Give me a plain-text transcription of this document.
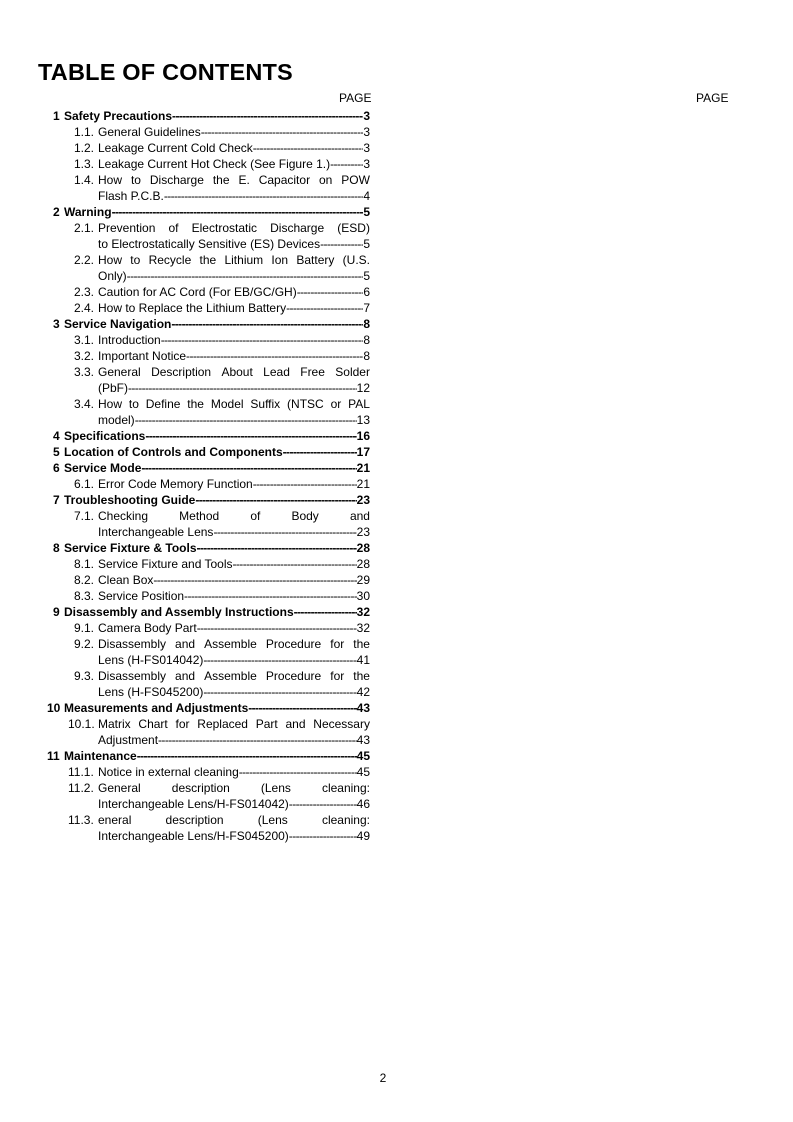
TABLE OF CONTENTS
PAGE	PAGE
1 Safety Precautions -----	3
1.1. General Guidelines -----	3
1.2. Leakage Current Cold Check -----	3
1.3. Leakage Current Hot Check (See Figure 1.) -----	3
1.4. How to Discharge the E. Capacitor on POW
Flash P.C.B. -----	4
2 Warning -----	5
2.1. Prevention of Electrostatic Discharge (ESD)
to Electrostatically Sensitive (ES) Devices -----	5
2.2. How to Recycle the Lithium Ion Battery (U.S.
Only) -----	5
2.3. Caution for AC Cord (For EB/GC/GH) -----	6
2.4. How to Replace the Lithium Battery -----	7
3 Service Navigation -----	8
3.1. Introduction -----	8
3.2. Important Notice -----	8
3.3. General Description About Lead Free Solder
(PbF) -----	12
3.4. How to Define the Model Suffix (NTSC or PAL
model) -----	13
4 Specifications -----	16
5 Location of Controls and Components -----	17
6 Service Mode -----	21
6.1. Error Code Memory Function -----	21
7 Troubleshooting Guide -----	23
7.1. Checking	Method	of	Body	and
Interchangeable Lens -----	23
8 Service Fixture & Tools -----	28
8.1. Service Fixture and Tools -----	28
8.2. Clean Box -----	29
8.3. Service Position -----	30
9 Disassembly and Assembly Instructions -----	32
9.1. Camera Body Part -----	32
9.2. Disassembly and Assemble Procedure for the
Lens (H-FS014042) -----	41
9.3. Disassembly and Assemble Procedure for the
Lens (H-FS045200) -----	42
10 Measurements and Adjustments -----	43
10.1. Matrix Chart for Replaced Part and Necessary
Adjustment -----	43
11 Maintenance -----	45
11.1. Notice in external cleaning -----	45
11.2. General	description	(Lens	cleaning:
Interchangeable Lens/H-FS014042) -----	46
11.3. eneral	description	(Lens	cleaning:
Interchangeable Lens/H-FS045200) -----	49
2
